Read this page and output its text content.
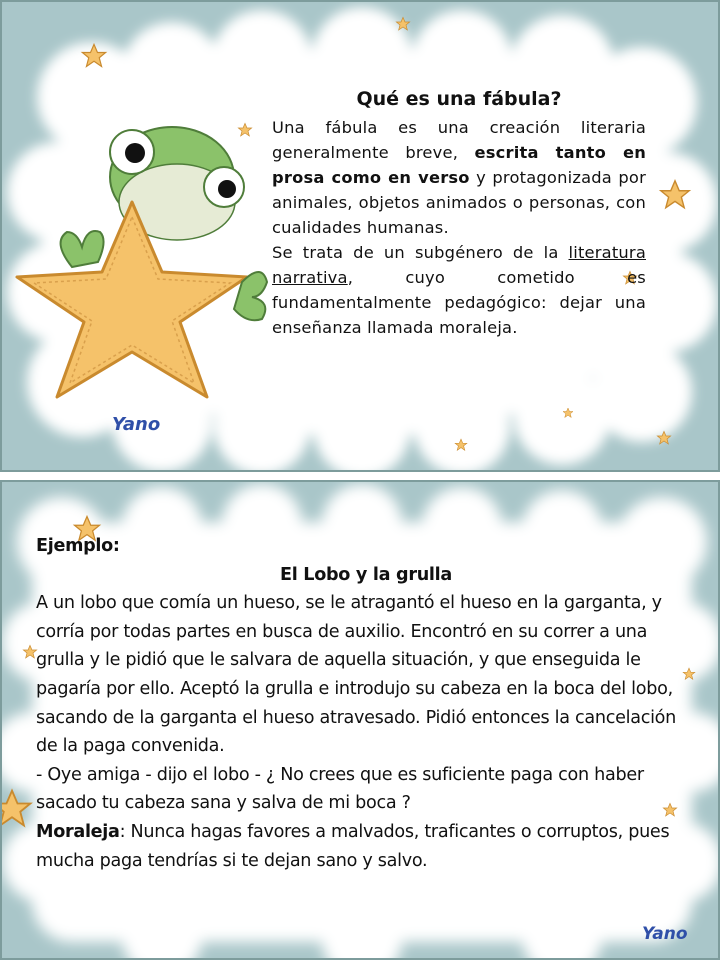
Yano
Qué es una fábula?

Una fábula es una creación literaria generalmente breve, escrita tanto en prosa como en verso y protagonizada por animales, objetos animados o personas, con cualidades humanas.

Se trata de un subgénero de la literatura narrativa, cuyo cometido es fundamentalmente pedagógico: dejar una enseñanza llamada moraleja.

Yano

Ejemplo:

El Lobo y la grulla

A un lobo que comía un hueso, se le atragantó el hueso en la garganta, y corría por todas partes en busca de auxilio. Encontró en su correr a una grulla y le pidió que le salvara de aquella situación, y que enseguida le pagaría por ello. Aceptó la grulla e introdujo su cabeza en la boca del lobo, sacando de la garganta el hueso atravesado. Pidió entonces la cancelación de la paga convenida.

- Oye amiga - dijo el lobo - ¿ No crees que es suficiente paga con haber sacado tu cabeza sana y salva de mi boca ?

Moraleja: Nunca hagas favores a malvados, traficantes o corruptos, pues mucha paga tendrías si te dejan sano y salvo.
